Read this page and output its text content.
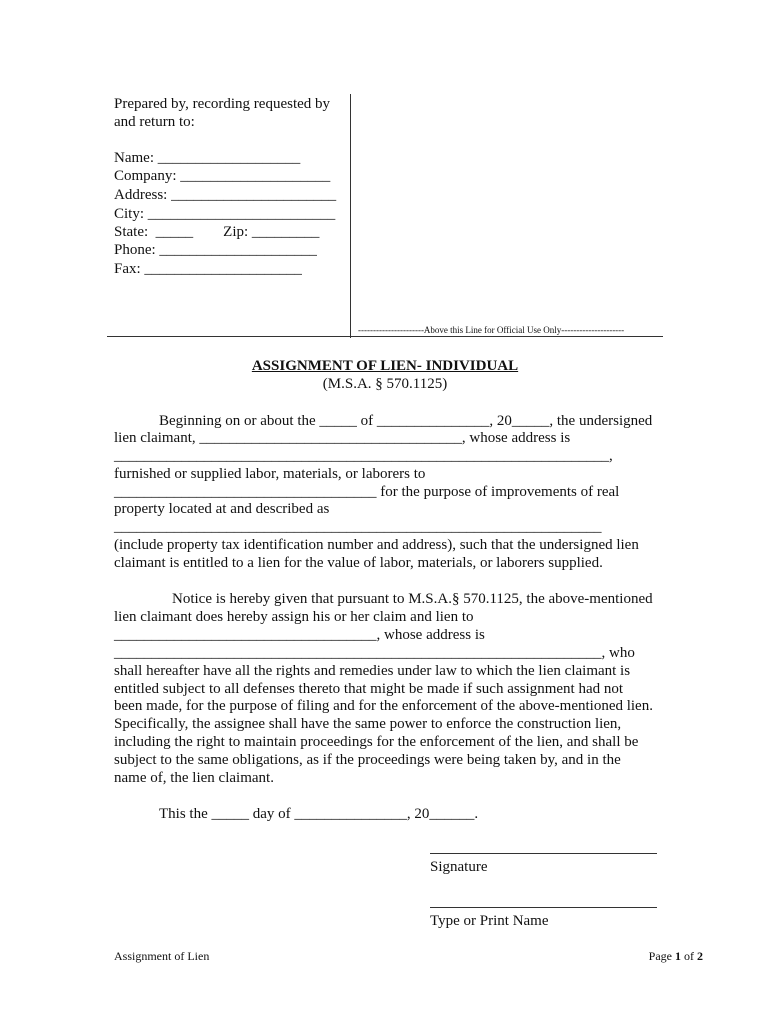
Prepared by, recording requested by
and return to:
Name: ___________________
Company: ____________________
Address: ______________________
City: _________________________
State:  _____        Zip: _________
Phone: _____________________
Fax: _____________________
----------------------Above this Line for Official Use Only---------------------
ASSIGNMENT OF LIEN- INDIVIDUAL
(M.S.A. § 570.1125)
Beginning on or about the _____ of _______________, 20_____, the undersigned
lien claimant, ___________________________________, whose address is
__________________________________________________________________,
furnished or supplied labor, materials, or laborers to
___________________________________ for the purpose of improvements of real
property located at and described as
_________________________________________________________________
(include property tax identification number and address), such that the undersigned lien
claimant is entitled to a lien for the value of labor, materials, or laborers supplied.
Notice is hereby given that pursuant to M.S.A.§ 570.1125, the above-mentioned
lien claimant does hereby assign his or her claim and lien to
___________________________________, whose address is
_________________________________________________________________, who
shall hereafter have all the rights and remedies under law to which the lien claimant is
entitled subject to all defenses thereto that might be made if such assignment had not
been made, for the purpose of filing and for the enforcement of the above-mentioned lien.
Specifically, the assignee shall have the same power to enforce the construction lien,
including the right to maintain proceedings for the enforcement of the lien, and shall be
subject to the same obligations, as if the proceedings were being taken by, and in the
name of, the lien claimant.
This the _____ day of _______________, 20______.
Signature
Type or Print Name
Assignment of Lien	Page 1 of 2
